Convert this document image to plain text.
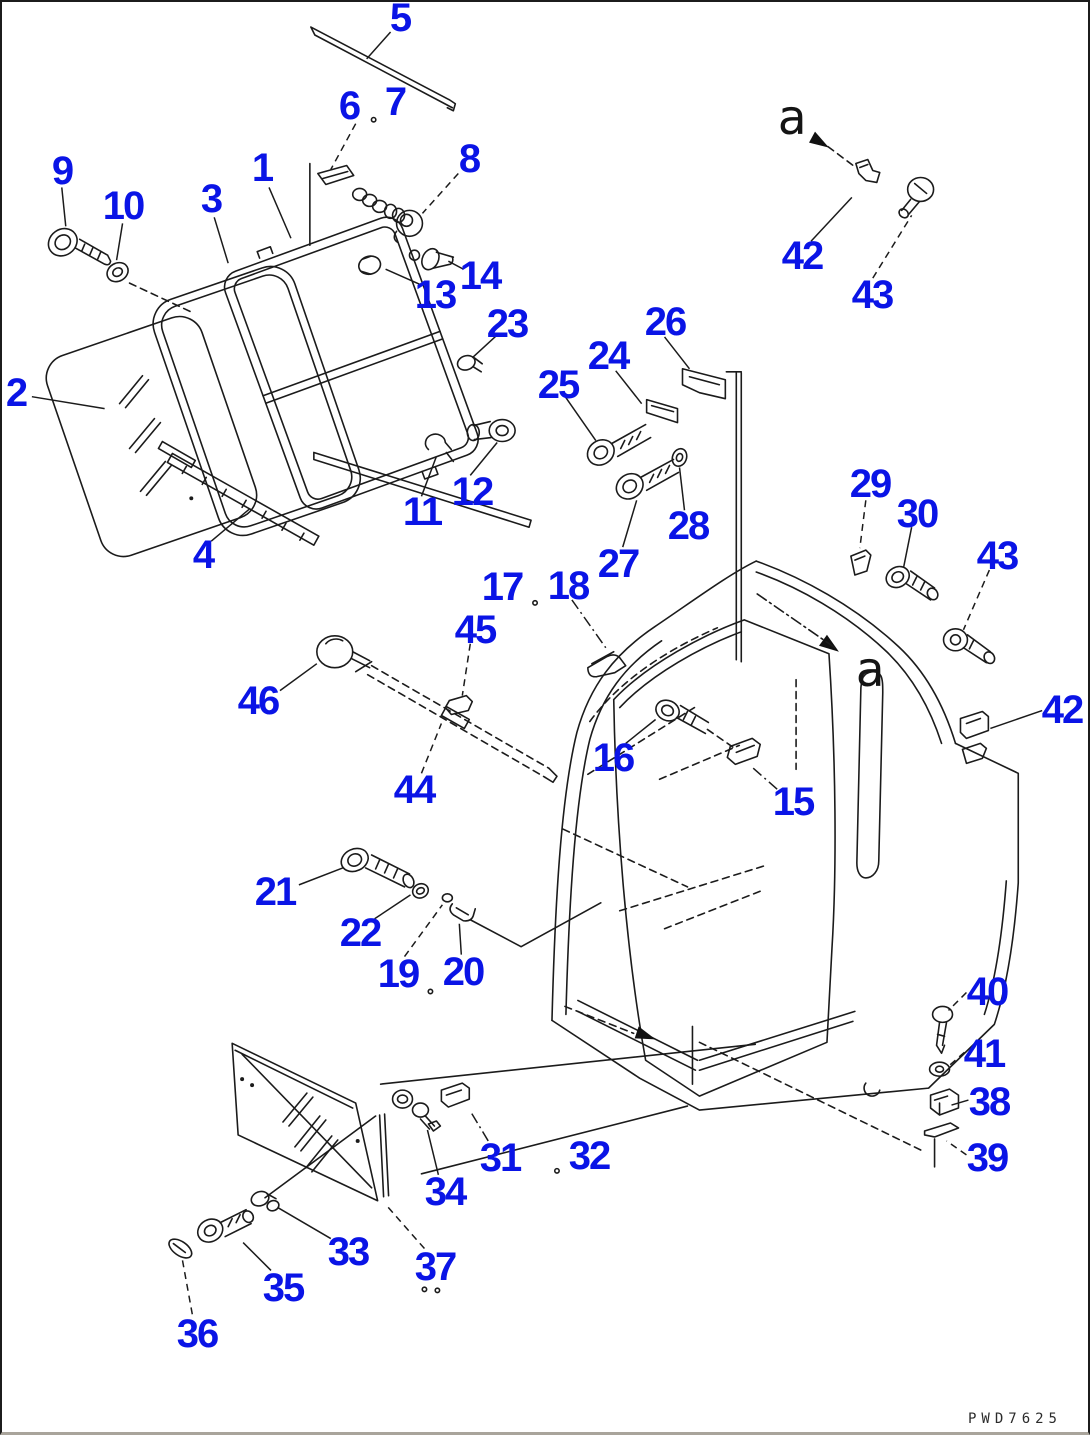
1
2
3
4
5
6 7
8
9
10
11 12
13 14
15
16
17 18
19 20
21
22
23
24
25
26
27
28
29
30
31 32
33
34
35
36
37
38
39
40
41
42
43
42
43
44
45
46
a
a
PWD7625
